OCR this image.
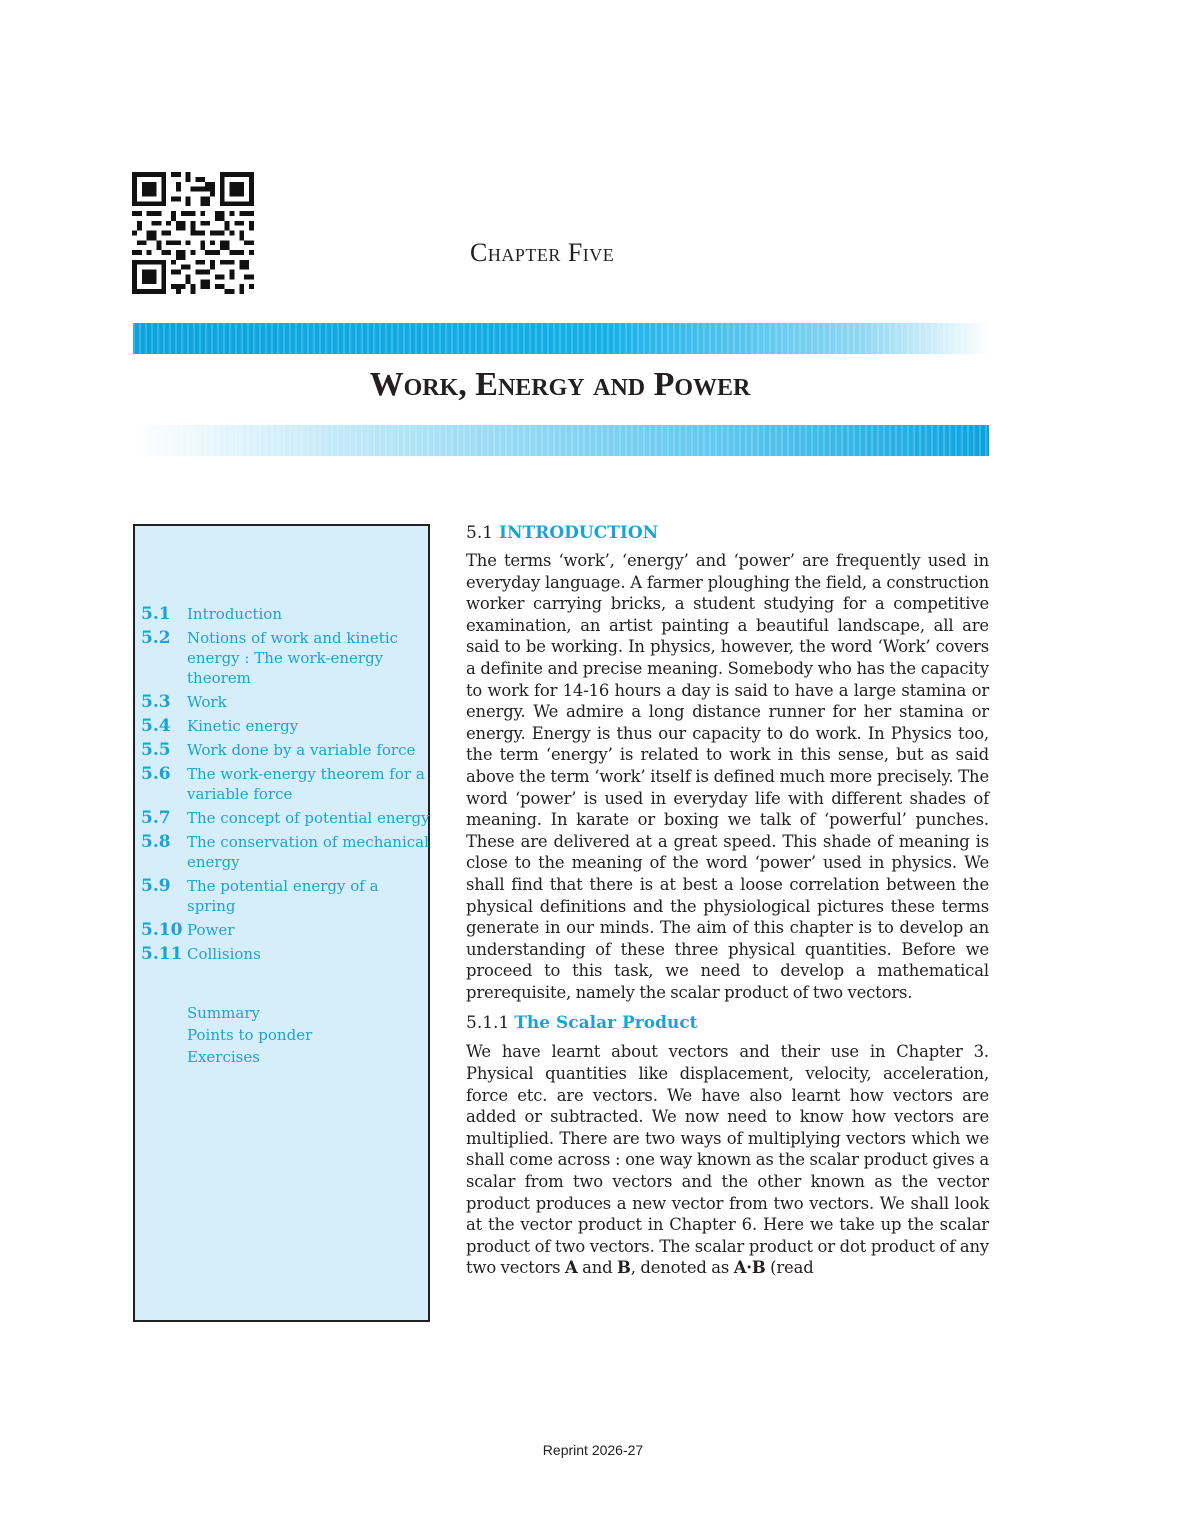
Chapter Five
Work, Energy and Power
5.1	Introduction
5.2	Notions of work and kinetic energy : The work-energy theorem
5.3	Work
5.4	Kinetic energy
5.5	Work done by a variable force
5.6	The work-energy theorem for a variable force
5.7	The concept of potential energy
5.8	The conservation of mechanical energy
5.9	The potential energy of a spring
5.10 Power
5.11 Collisions
Summary
Points to ponder
Exercises
5.1 INTRODUCTION

The terms ‘work’, ‘energy’ and ‘power’ are frequently used in everyday language. A farmer ploughing the field, a construction worker carrying bricks, a student studying for a competitive examination, an artist painting a beautiful landscape, all are said to be working. In physics, however, the word ‘Work’ covers a definite and precise meaning. Somebody who has the capacity to work for 14-16 hours a day is said to have a large stamina or energy. We admire a long distance runner for her stamina or energy. Energy is thus our capacity to do work. In Physics too, the term ‘energy’ is related to work in this sense, but as said above the term ‘work’ itself is defined much more precisely. The word ‘power’ is used in everyday life with different shades of meaning. In karate or boxing we talk of ‘powerful’ punches. These are delivered at a great speed. This shade of meaning is close to the meaning of the word ‘power’ used in physics. We shall find that there is at best a loose correlation between the physical definitions and the physiological pictures these terms generate in our minds. The aim of this chapter is to develop an understanding of these three physical quantities. Before we proceed to this task, we need to develop a mathematical prerequisite, namely the scalar product of two vectors.

5.1.1 The Scalar Product

We have learnt about vectors and their use in Chapter 3. Physical quantities like displacement, velocity, acceleration, force etc. are vectors. We have also learnt how vectors are added or subtracted. We now need to know how vectors are multiplied. There are two ways of multiplying vectors which we shall come across : one way known as the scalar product gives a scalar from two vectors and the other known as the vector product produces a new vector from two vectors. We shall look at the vector product in Chapter 6. Here we take up the scalar product of two vectors. The scalar product or dot product of any two vectors A and B, denoted as A·B (read

Reprint 2026-27
